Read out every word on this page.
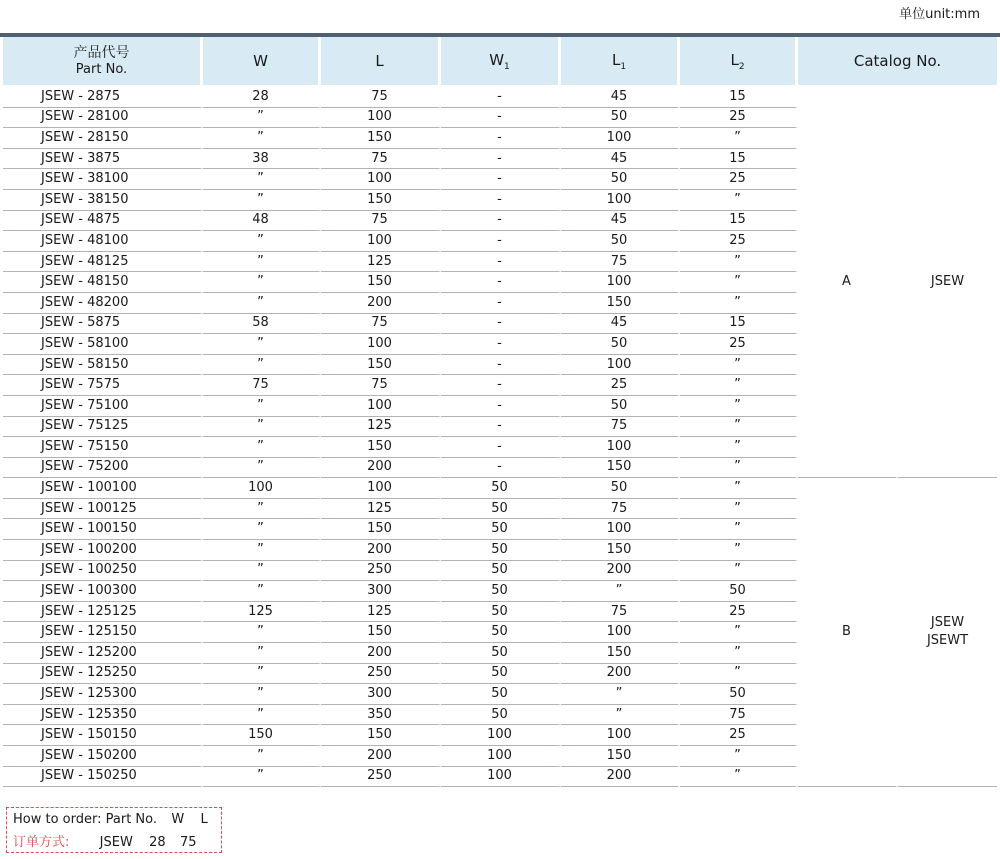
单位unit:mm
产品代号
Part No.	W	L	$W_1$	$L_1$	$L_2$	Catalog No.	
JSEW - 2875	28	75	-	45	15	A	JSEW

JSEW - 28100	”	100	-	50	25		
JSEW - 28150	”	150	-	100	”		
JSEW - 3875	38	75	-	45	15		
JSEW - 38100	”	100	-	50	25		
JSEW - 38150	”	150	-	100	”		
JSEW - 4875	48	75	-	45	15		
JSEW - 48100	”	100	-	50	25		
JSEW - 48125	”	125	-	75	”		
JSEW - 48150	”	150	-	100	”		
JSEW - 48200	”	200	-	150	”		
JSEW - 5875	58	75	-	45	15		
JSEW - 58100	”	100	-	50	25		
JSEW - 58150	”	150	-	100	”		
JSEW - 7575	75	75	-	25	”		
JSEW - 75100	”	100	-	50	”		
JSEW - 75125	”	125	-	75	”		
JSEW - 75150	”	150	-	100	”		
JSEW - 75200	”	200	-	150	”		
JSEW - 100100	100	100	50	50	”	B	JSEW
JSEWT

JSEW - 100125	”	125	50	75	”		
JSEW - 100150	”	150	50	100	”		
JSEW - 100200	”	200	50	150	”		
JSEW - 100250	”	250	50	200	”		
JSEW - 100300	”	300	50	”	50		
JSEW - 125125	125	125	50	75	25		
JSEW - 125150	”	150	50	100	”		
JSEW - 125200	”	200	50	150	”		
JSEW - 125250	”	250	50	200	”		
JSEW - 125300	”	300	50	”	50		
JSEW - 125350	”	350	50	”	75		
JSEW - 150150	150	150	100	100	25		
JSEW - 150200	”	200	100	150	”		
JSEW - 150250	”	250	100	200	”		
How to order: Part No. W L
订单方式: JSEW 28 75
